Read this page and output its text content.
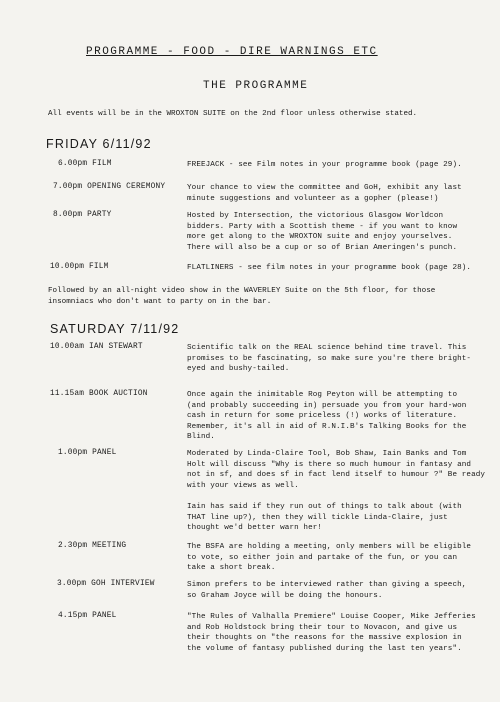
PROGRAMME - FOOD - DIRE WARNINGS ETC
THE PROGRAMME
All events will be in the WROXTON SUITE on the 2nd floor unless otherwise stated.
FRIDAY 6/11/92
6.00pm FILM	FREEJACK - see Film notes in your programme book (page 29).
7.00pm OPENING CEREMONY	Your chance to view the committee and GoH, exhibit any last
minute suggestions and volunteer as a gopher (please!)
8.00pm PARTY	Hosted by Intersection, the victorious Glasgow Worldcon
bidders. Party with a Scottish theme - if you want to know
more get along to the WROXTON suite and enjoy yourselves.
There will also be a cup or so of Brian Ameringen's punch.
10.00pm FILM	FLATLINERS - see film notes in your programme book (page 28).
Followed by an all-night video show in the WAVERLEY Suite on the 5th floor, for those
insomniacs who don't want to party on in the bar.
SATURDAY 7/11/92
10.00am IAN STEWART	Scientific talk on the REAL science behind time travel. This
promises to be fascinating, so make sure you're there bright-
eyed and bushy-tailed.
11.15am BOOK AUCTION	Once again the inimitable Rog Peyton will be attempting to
(and probably succeeding in) persuade you from your hard-won
cash in return for some priceless (!) works of literature.
Remember, it's all in aid of R.N.I.B's Talking Books for the
Blind.
1.00pm PANEL	Moderated by Linda-Claire Tool, Bob Shaw, Iain Banks and Tom
Holt will discuss "Why is there so much humour in fantasy and
not in sf, and does sf in fact lend itself to humour ?" Be ready
with your views as well.

Iain has said if they run out of things to talk about (with
THAT line up?), then they will tickle Linda-Claire, just
thought we'd better warn her!
2.30pm MEETING	The BSFA are holding a meeting, only members will be eligible
to vote, so either join and partake of the fun, or you can
take a short break.
3.00pm GOH INTERVIEW	Simon prefers to be interviewed rather than giving a speech,
so Graham Joyce will be doing the honours.
4.15pm PANEL	"The Rules of Valhalla Premiere" Louise Cooper, Mike Jefferies
and Rob Holdstock bring their tour to Novacon, and give us
their thoughts on "the reasons for the massive explosion in
the volume of fantasy published during the last ten years".
